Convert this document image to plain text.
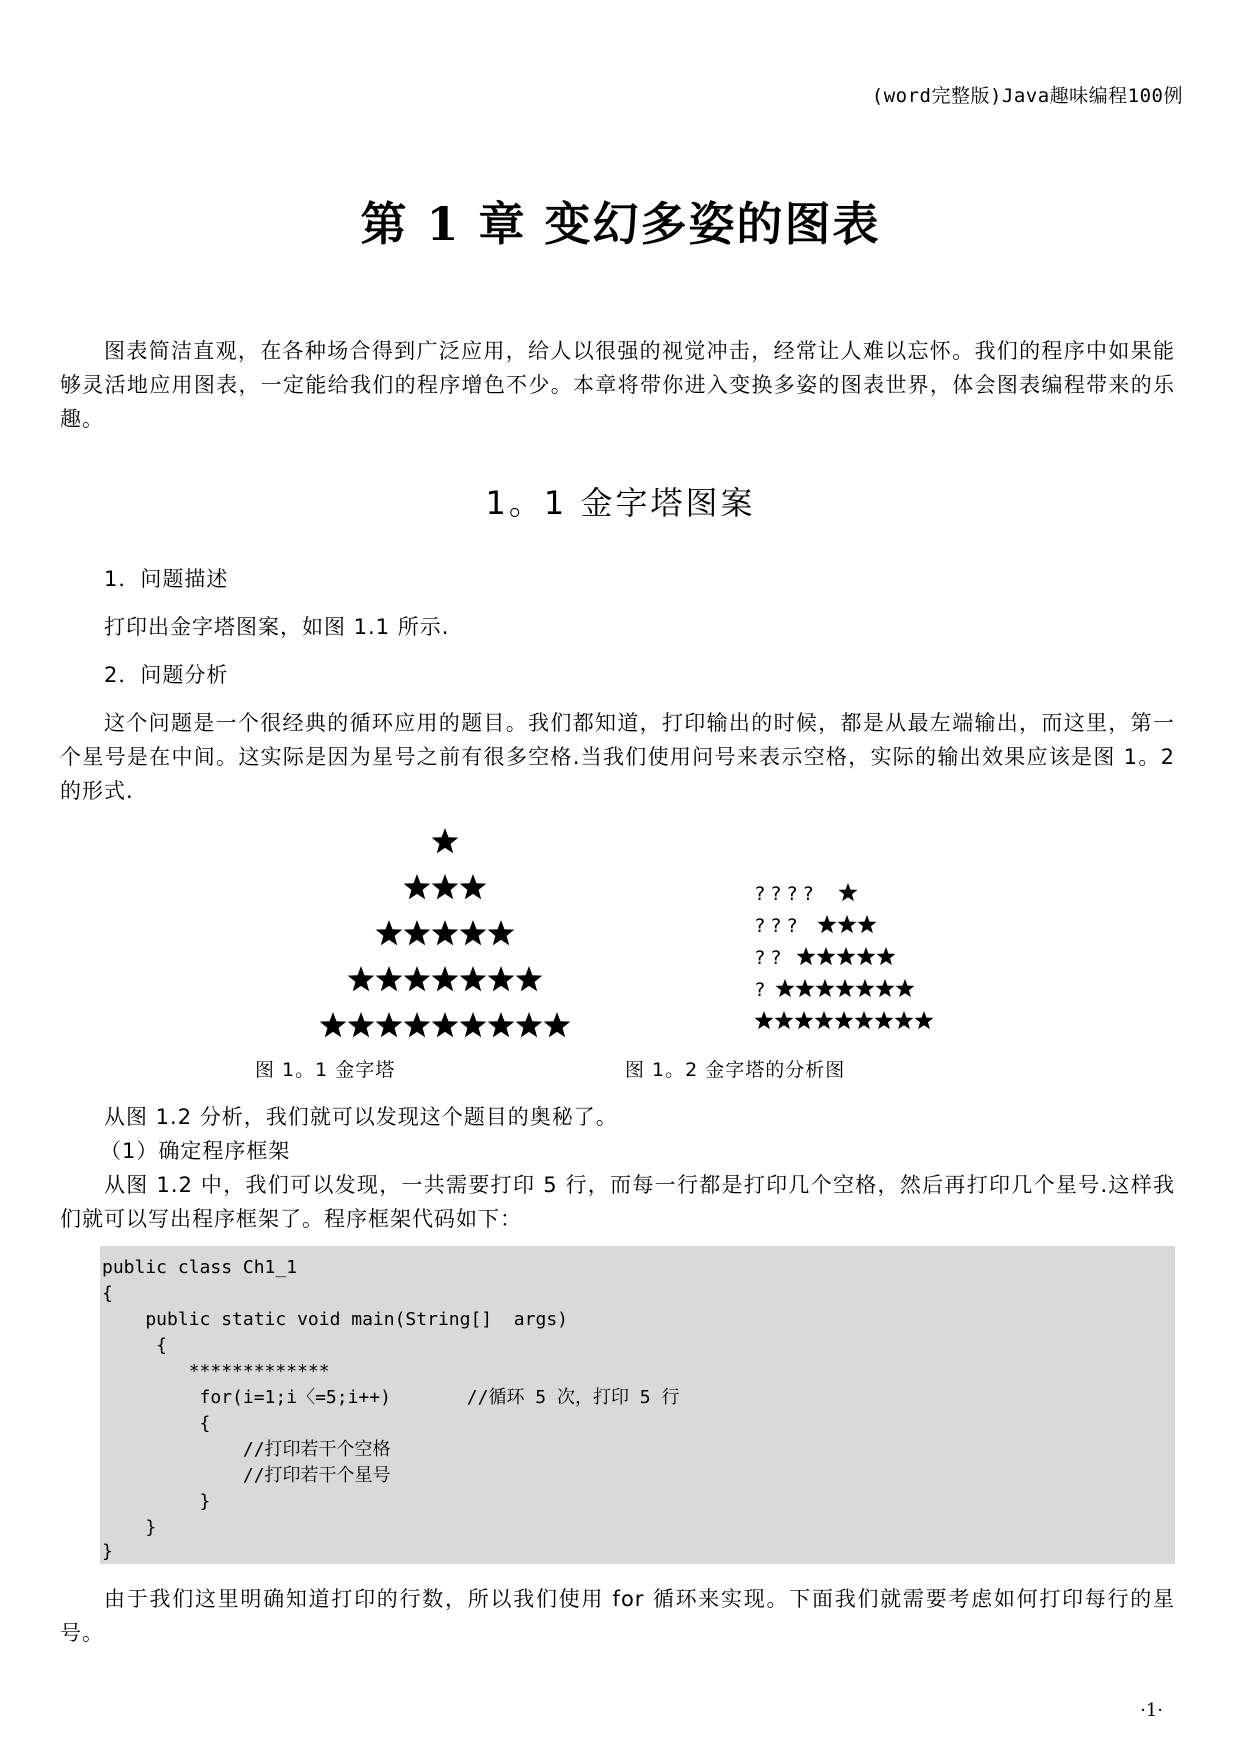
(word完整版)Java趣味编程100例
第 1 章 变幻多姿的图表

图表简洁直观，在各种场合得到广泛应用，给人以很强的视觉冲击，经常让人难以忘怀。我们的程序中如果能够灵活地应用图表，一定能给我们的程序增色不少。本章将带你进入变换多姿的图表世界，体会图表编程带来的乐趣。

1。1 金字塔图案
1．问题描述
打印出金字塔图案，如图 1.1 所示.
2．问题分析

这个问题是一个很经典的循环应用的题目。我们都知道，打印输出的时候，都是从最左端输出，而这里，第一个星号是在中间。这实际是因为星号之前有很多空格.当我们使用问号来表示空格，实际的输出效果应该是图 1。2 的形式.

图 1。1 金字塔
? ? ? ?
? ? ?
? ?
?
图 1。2 金字塔的分析图
从图 1.2 分析，我们就可以发现这个题目的奥秘了。
（1）确定程序框架

从图 1.2 中，我们可以发现，一共需要打印 5 行，而每一行都是打印几个空格，然后再打印几个星号.这样我们就可以写出程序框架了。程序框架代码如下：

public class Ch1_1
{
public static void main(String[]  args)
{
*************
for(i=1;i〈=5;i++)       //循环 5 次，打印 5 行
{
//打印若干个空格
//打印若干个星号
}
}
}

由于我们这里明确知道打印的行数，所以我们使用 for 循环来实现。下面我们就需要考虑如何打印每行的星号。

·1·
